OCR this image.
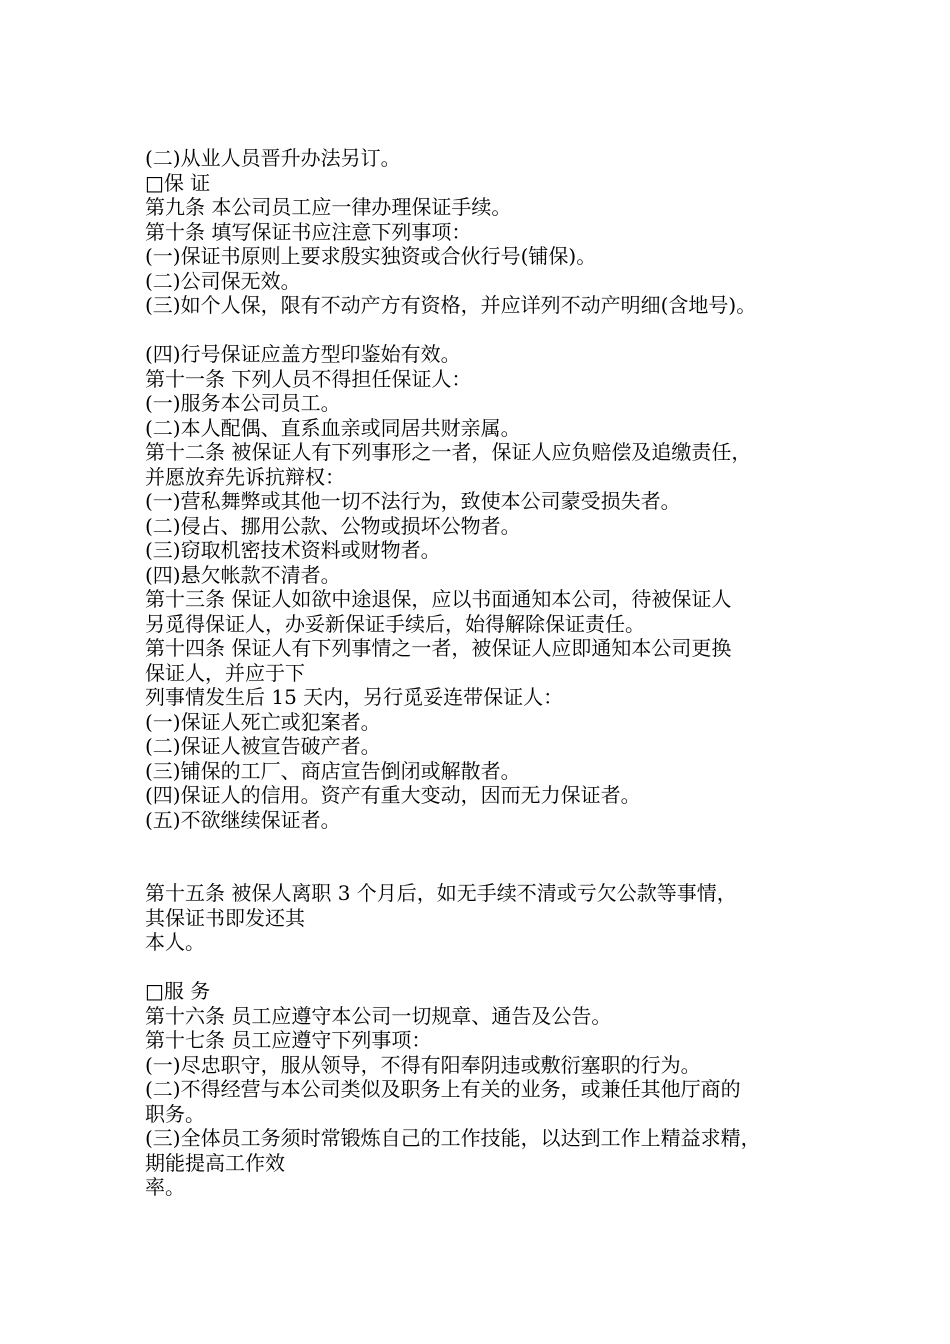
(二)从业人员晋升办法另订。
□保 证
第九条 本公司员工应一律办理保证手续。
第十条 填写保证书应注意下列事项：
(一)保证书原则上要求殷实独资或合伙行号(铺保)。
(二)公司保无效。
(三)如个人保，限有不动产方有资格，并应详列不动产明细(含地号)。
(四)行号保证应盖方型印鉴始有效。
第十一条 下列人员不得担任保证人：
(一)服务本公司员工。
(二)本人配偶、直系血亲或同居共财亲属。
第十二条 被保证人有下列事形之一者，保证人应负赔偿及追缴责任，
并愿放弃先诉抗辩权：
(一)营私舞弊或其他一切不法行为，致使本公司蒙受损失者。
(二)侵占、挪用公款、公物或损坏公物者。
(三)窃取机密技术资料或财物者。
(四)悬欠帐款不清者。
第十三条 保证人如欲中途退保，应以书面通知本公司，待被保证人
另觅得保证人，办妥新保证手续后，始得解除保证责任。
第十四条 保证人有下列事情之一者，被保证人应即通知本公司更换
保证人，并应于下
列事情发生后 15 天内，另行觅妥连带保证人：
(一)保证人死亡或犯案者。
(二)保证人被宣告破产者。
(三)铺保的工厂、商店宣告倒闭或解散者。
(四)保证人的信用。资产有重大变动，因而无力保证者。
(五)不欲继续保证者。
第十五条 被保人离职 3 个月后，如无手续不清或亏欠公款等事情，
其保证书即发还其
本人。
□服 务
第十六条 员工应遵守本公司一切规章、通告及公告。
第十七条 员工应遵守下列事项：
(一)尽忠职守，服从领导，不得有阳奉阴违或敷衍塞职的行为。
(二)不得经营与本公司类似及职务上有关的业务，或兼任其他厅商的
职务。
(三)全体员工务须时常锻炼自己的工作技能，以达到工作上精益求精，
期能提高工作效
率。
